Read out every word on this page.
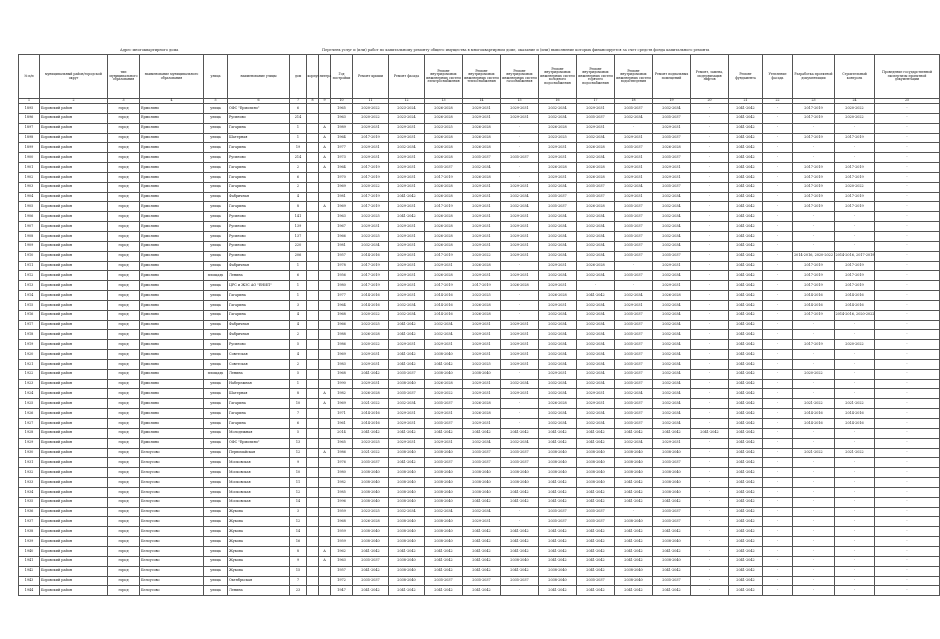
Адрес многоквартирного дома	Перечень услуг и (или) работ по капитальному ремонту общего имущества в многоквартирном доме, оказание и (или) выполнение которых финансируется за счет средств фонда капитального ремонта
№ п/п	муниципальный район/городской округ	тип муниципального образования	наименование муниципального образования	улица	наименование улицы	дом	корпус	литера	Год постройки	Ремонт крыши	Ремонт фасада	Ремонт внутридомовых инженерных систем электроснабжения	Ремонт внутридомовых инженерных систем теплоснабжения	Ремонт внутридомовых инженерных систем газоснабжения	Ремонт внутридомовых инженерных систем холодного водоснабжения	Ремонт внутридомовых инженерных систем горячего водоснабжения	Ремонт внутридомовых инженерных систем водоотведения	Ремонт подвальных помещений	Ремонт, замена, модернизация лифтов	Ремонт фундамента	Утепление фасада	Разработка проектной документации	Строительный контроль	Проведение государственной экспертизы проектной документации
1	2	3	4	5	6	7	8	9	10	11	12	13	14	15	16	17	18	19	20	21	22	23	24	25
1895	Боровский район	город	Ермолино	улица	ОФС "Ермолино"	6			1965	2020-2022	2023-2024	2026-2028	2029-2031	2029-2031	2032-2034	2029-2031	2035-2037	2032-2034	-	2041-2042	-	2017-2019	2020-2022	-
1896	Боровский район	город	Ермолино	улица	Русиново	214			1963	2020-2022	2023-2024	2026-2028	2029-2031	2029-2031	2032-2034	2035-2037	2032-2034	2035-2037	-	2041-2042	-	2017-2019	2020-2022	-
1897	Боровский район	город	Ермолино	улица	Гагарина	1		А	1989	2029-2031	2029-2031	2023-2025	2026-2028	-	2026-2028	2029-2031	-	2029-2031	-	2041-2042	-	-	-	-
1898	Боровский район	город	Ермолино	улица	Шатерная	1		А	1964	2017-2019	2029-2031	2026-2028	2026-2028	-	2023-2025	2032-2034	2029-2031	2035-2037	-	2041-2042	-	2017-2019	2017-2019	-
1899	Боровский район	город	Ермолино	улица	Гагарина	19		А	1977	2029-2031	2032-2034	2026-2028	2026-2028	-	2029-2031	2026-2028	2035-2037	2026-2028	-	2041-2042	-	-	-	-
1900	Боровский район	город	Ермолино	улица	Русиново	214		А	1973	2029-2031	2029-2031	2026-2028	2035-2037	2035-2037	2029-2031	2032-2034	2029-2031	2035-2037	-	2041-2042	-	-	-	-
1901	Боровский район	город	Ермолино	улица	Гагарина	2		А	1964	2017-2019	2029-2031	2035-2037	2032-2034	-	2026-2028	2026-2028	2029-2031	2029-2031	-	2041-2042	-	2017-2019	2017-2019	-
1902	Боровский район	город	Ермолино	улица	Гагарина	6			1970	2017-2019	2029-2031	2017-2019	2026-2028	-	2029-2031	2026-2028	2029-2031	2029-2031	-	2041-2042	-	2017-2019	2017-2019	-
1903	Боровский район	город	Ермолино	улица	Гагарина	2			1969	2020-2022	2029-2031	2026-2028	2029-2031	2029-2031	2032-2034	2035-2037	2032-2034	2035-2037	-	2041-2042	-	2017-2019	2020-2022	-
1904	Боровский район	город	Ермолино	улица	Фабричная	4			1981	2017-2019	2041-2042	2026-2028	2029-2031	2032-2034	2035-2037	2035-2037	2029-2031	2032-2034	-	2041-2042	-	2017-2019	2017-2019	-
1905	Боровский район	город	Ермолино	улица	Гагарина	8		А	1969	2017-2019	2029-2031	2017-2019	2029-2031	2032-2034	2035-2037	2026-2028	2035-2037	2032-2034	-	2041-2042	-	2017-2019	2017-2019	-
1906	Боровский район	город	Ермолино	улица	Русиново	141			1963	2023-2025	2041-2042	2026-2028	2029-2031	2029-2031	2032-2034	2032-2034	2035-2037	2032-2034	-	2041-2042	-	-	-	-
1907	Боровский район	город	Ермолино	улица	Русиново	139			1967	2029-2031	2029-2031	2026-2028	2029-2031	2029-2031	2032-2034	2032-2034	2035-2037	2032-2034	-	2041-2042	-	-	-	-
1908	Боровский район	город	Ермолино	улица	Русиново	137			1966	2023-2025	2029-2031	2026-2028	2029-2031	2029-2031	2032-2034	2032-2034	2035-2037	2032-2034	-	2041-2042	-	-	-	-
1909	Боровский район	город	Ермолино	улица	Русиново	220			1981	2032-2034	2029-2031	2026-2028	2029-2031	2029-2031	2032-2034	2032-2034	2035-2037	2032-2034	-	2041-2042	-	-	-	-
1910	Боровский район	город	Ермолино	улица	Русиново	206			1957	2014-2016	2029-2031	2017-2019	2020-2022	2029-2031	2032-2034	2032-2034	2035-2037	2035-2037	-	2041-2042	-	2014-2016, 2020-2022	2014-2016, 2017-2019	-
1911	Боровский район	город	Ермолино	улица	Фабричная	1			1978	2017-2019	2029-2031	2029-2031	2026-2028	-	2029-2031	2026-2028	-	2029-2031	-	2041-2042	-	2017-2019	2017-2019	-
1912	Боровский район	город	Ермолино	площадь	Ленина	6			1956	2017-2019	2029-2031	2026-2028	2029-2031	2029-2031	2032-2034	2032-2034	2035-2037	2032-2034	-	2041-2042	-	2017-2019	2017-2019	-
1913	Боровский район	город	Ермолино	улица	ЦРС и ЖЗС АО "ЕНИП"	1			1980	2017-2019	2029-2031	2017-2019	2017-2019	2026-2028	2029-2031	-	-	2029-2031	-	2041-2042	-	2017-2019	2017-2019	-
1914	Боровский район	город	Ермолино	улица	Гагарина	1			1977	2014-2016	2029-2031	2014-2016	2023-2025	-	2026-2028	2041-2042	2032-2034	2026-2028	-	2041-2042	-	2014-2016	2014-2016	-
1915	Боровский район	город	Ермолино	улица	Гагарина	3			1964	2014-2016	2032-2034	2014-2016	2026-2028	-	2029-2031	2032-2034	2029-2031	2032-2034	-	2041-2042	-	2014-2016	2014-2016	-
1916	Боровский район	город	Ермолино	улица	Гагарина	4			1968	2020-2022	2032-2034	2014-2016	2026-2028	-	2032-2034	2032-2034	2035-2037	2032-2034	-	2041-2042	-	2017-2019	2014-2016, 2020-2022	-
1917	Боровский район	город	Ермолино	улица	Фабричная	4			1966	2023-2025	2041-2042	2032-2034	2029-2031	2029-2031	2032-2034	2032-2034	2035-2037	2032-2034	-	2041-2042	-	-	-	-
1918	Боровский район	город	Ермолино	улица	Фабричная	2			1988	2026-2028	2041-2042	2032-2034	2029-2031	2029-2031	2032-2034	2032-2034	2035-2037	2032-2034	-	2041-2042	-	-	-	-
1919	Боровский район	город	Ермолино	улица	Русиново	5			1986	2020-2022	2029-2031	2029-2031	2029-2031	2029-2031	2032-2034	2032-2034	2035-2037	2032-2034	-	2041-2042	-	2017-2019	2020-2022	-
1920	Боровский район	город	Ермолино	улица	Советская	4			1969	2029-2031	2041-2042	2038-2040	2029-2031	2029-2031	2032-2034	2032-2034	2035-2037	2032-2034	-	2041-2042	-	-	-	-
1921	Боровский район	город	Ермолино	улица	Советская	2			1983	2029-2031	2041-2042	2041-2042	2023-2025	2029-2031	2032-2034	2032-2034	2035-2037	2032-2034	-	2041-2042	-	-	-	-
1922	Боровский район	город	Ермолино	площадь	Ленина	5			1968	2041-2042	2035-2037	2038-2040	2038-2040	-	2029-2031	2032-2034	2035-2037	2032-2034	-	2041-2042	-	2020-2022	-	-
1923	Боровский район	город	Ермолино	улица	Набережная	1			1990	2029-2031	2038-2040	2026-2028	2029-2031	2032-2034	2032-2034	2032-2034	2035-2037	2032-2034	-	2041-2042	-	-	-	-
1924	Боровский район	город	Ермолино	улица	Шатерная	8		А	1982	2026-2028	2035-2037	2020-2022	2029-2031	2029-2031	2032-2034	2029-2031	2032-2034	2032-2034	-	2041-2042	-	-	-	-
1925	Боровский район	город	Ермолино	улица	Гагарина	10		А	1969	2021-2022	2032-2034	2035-2037	2026-2028	-	2026-2028	2029-2031	2035-2037	2032-2034	-	2041-2042	-	2021-2022	2021-2022	-
1926	Боровский район	город	Ермолино	улица	Гагарина	7			1971	2014-2016	2029-2031	2029-2031	2026-2028	-	2032-2034	2032-2034	2035-2037	2032-2034	-	2041-2042	-	2014-2016	2014-2016	-
1927	Боровский район	город	Ермолино	улица	Гагарина	6			1961	2014-2016	2029-2031	2035-2037	2029-2031	-	2032-2034	2032-2034	2035-2037	2032-2034	-	2041-2042	-	2014-2016	2014-2016	-
1928	Боровский район	город	Ермолино	улица	Молодежная	5			2014	2041-2042	2041-2042	2041-2042	2041-2042	2041-2042	2041-2042	2041-2042	2041-2042	2041-2042	2041-2042	2041-2042	-	-	-	-
1929	Боровский район	город	Ермолино	улица	ОФС "Ермолино"	13			1965	2023-2025	2029-2031	2029-2031	2032-2034	2032-2034	2041-2042	2041-2042	2032-2034	2029-2031	-	2041-2042	-	-	-	-
1930	Боровский район	город	Белоусово	улица	Первомайская	12		А	1986	2021-2022	2038-2040	2038-2040	2035-2037	2035-2037	2038-2040	2038-2040	2038-2040	2038-2040	-	2041-2042	-	2021-2022	2021-2022	-
1931	Боровский район	город	Белоусово	улица	Московская	9			1976	2035-2037	2041-2042	2035-2037	2035-2037	2035-2037	2038-2040	2038-2040	2038-2040	2035-2037	-	2041-2042	-	-	-	-
1932	Боровский район	город	Белоусово	улица	Московская	10			1980	2038-2040	2038-2040	2038-2040	2038-2040	2038-2040	2038-2040	2038-2040	2038-2040	2038-2040	-	2041-2042	-	-	-	-
1933	Боровский район	город	Белоусово	улица	Московская	11			1982	2038-2040	2038-2040	2038-2040	2038-2040	2038-2040	2041-2042	2038-2040	2041-2042	2038-2040	-	2041-2042	-	-	-	-
1934	Боровский район	город	Белоусово	улица	Московская	12			1985	2038-2040	2038-2040	2038-2040	2038-2040	2041-2042	2041-2042	2041-2042	2041-2042	2038-2040	-	2041-2042	-	-	-	-
1935	Боровский район	город	Белоусово	улица	Московская	14			1996	2038-2040	2038-2040	2038-2040	2041-2042	2041-2042	2041-2042	2041-2042	2041-2042	2041-2042	-	2041-2042	-	-	-	-
1936	Боровский район	город	Белоусово	улица	Жукова	3			1959	2023-2025	2032-2034	2032-2034	2032-2034	-	2035-2037	2035-2037	-	2035-2037	-	2041-2042	-	-	-	-
1937	Боровский район	город	Белоусово	улица	Жукова	12			1968	2026-2028	2038-2040	2038-2040	2029-2031	-	2035-2037	2035-2037	2038-2040	2035-2037	-	2041-2042	-	-	-	-
1938	Боровский район	город	Белоусово	улица	Жукова	14			1959	2038-2040	2038-2040	2038-2040	2041-2042	2041-2042	2041-2042	2041-2042	2041-2042	2041-2042	-	2041-2042	-	-	-	-
1939	Боровский район	город	Белоусово	улица	Жукова	16			1959	2038-2040	2038-2040	2038-2040	2041-2042	2041-2042	2041-2042	2041-2042	2041-2042	2038-2040	-	2041-2042	-	-	-	-
1940	Боровский район	город	Белоусово	улица	Жукова	8		А	1962	2041-2042	2041-2042	2041-2042	2041-2042	2041-2042	2041-2042	2041-2042	2041-2042	2041-2042	-	2041-2042	-	-	-	-
1941	Боровский район	город	Белоусово	улица	Жукова	9		А	1963	2035-2037	2038-2040	2041-2042	2041-2042	2038-2040	2041-2042	2041-2042	2041-2042	2038-2040	-	2041-2042	-	-	-	-
1942	Боровский район	город	Белоусово	улица	Жукова	15			1957	2041-2042	2038-2040	2041-2042	2041-2042	2041-2042	2038-2040	2041-2042	2038-2040	2041-2042	-	2041-2042	-	-	-	-
1943	Боровский район	город	Белоусово	улица	Октябрьская	7			1972	2035-2037	2038-2040	2035-2037	2035-2037	2035-2037	2038-2040	2035-2037	2038-2040	2035-2037	-	2041-2042	-	-	-	-
1944	Боровский район	город	Белоусово	улица	Ленина	23			1947	2041-2042	2041-2042	2041-2042	2041-2042	-	2041-2042	2041-2042	2041-2042	2041-2042	-	2041-2042	-	-	-	-
